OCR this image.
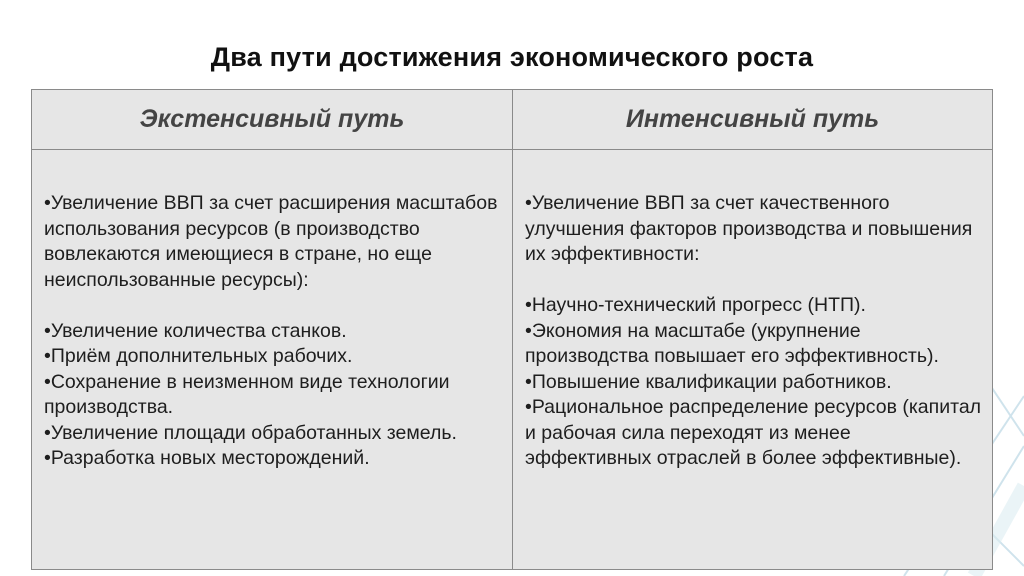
Два пути достижения экономического роста
Экстенсивный путь

•Увеличение ВВП за счет расширения масштабов использования ресурсов (в производство вовлекаются имеющиеся в стране, но еще неиспользованные ресурсы):

•Увеличение количества станков.

•Приём дополнительных рабочих.

•Сохранение в неизменном виде технологии производства.

•Увеличение площади обработанных земель.

•Разработка новых месторождений.

Интенсивный путь

•Увеличение ВВП за счет качественного улучшения факторов производства и повышения их эффективности:

•Научно-технический прогресс (НТП).

•Экономия на масштабе (укрупнение производства повышает его эффективность).

•Повышение квалификации работников.

•Рациональное распределение ресурсов (капитал и рабочая сила переходят из менее эффективных отраслей в более эффективные).
